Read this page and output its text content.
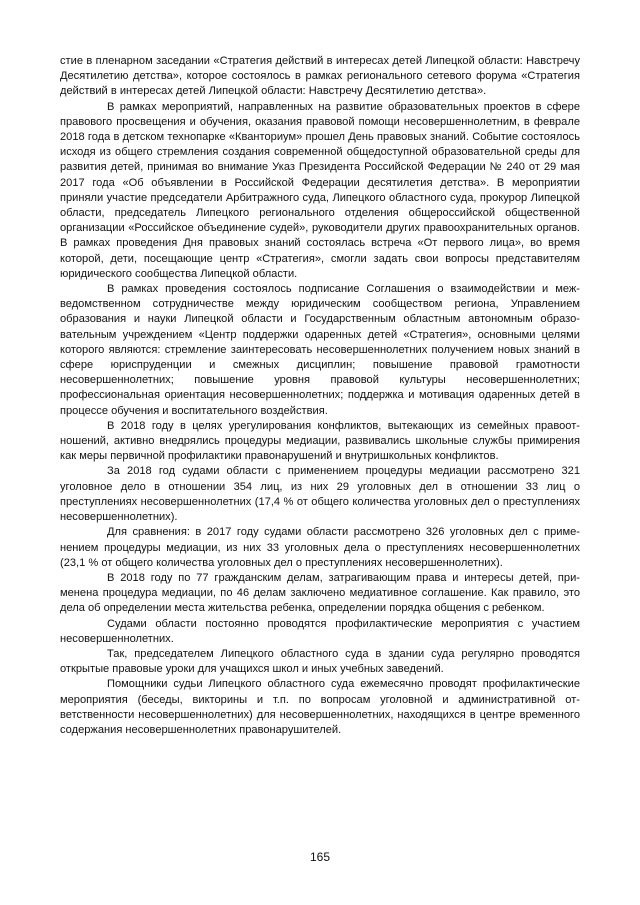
стие в пленарном заседании «Стратегия действий в интересах детей Липецкой области: Навстречу Десятилетию детства», которое состоялось в рамках регионального сетевого форума «Стратегия действий в интересах детей Липецкой области: Навстречу Десятилетию детства».

В рамках мероприятий, направленных на развитие образовательных проектов в сфере правового просвещения и обучения, оказания правовой помощи несовершеннолетним, в феврале 2018 года в детском технопарке «Кванториум» прошел День правовых знаний. Событие состоялось исходя из общего стремления создания современной общедоступной образовательной среды для развития детей, принимая во внимание Указ Президента Российской Федерации № 240 от 29 мая 2017 года «Об объявлении в Российской Федерации десятилетия детства». В мероприятии приняли участие председатели Арбитражного суда, Липецкого областного суда, прокурор Липецкой области, председатель Липецкого регионального отделения общероссийской общественной организации «Российское объединение судей», руководители других правоохранительных органов. В рамках проведения Дня правовых знаний состоялась встреча «От первого лица», во время которой, дети, посещающие центр «Стратегия», смогли задать свои вопросы представителям юридического сообщества Липецкой области.

В рамках проведения состоялось подписание Соглашения о взаимодействии и межведомственном сотрудничестве между юридическим сообществом региона, Управлением образования и науки Липецкой области и Государственным областным автономным образовательным учреждением «Центр поддержки одаренных детей «Стратегия», основными целями которого являются: стремление заинтересовать несовершеннолетних получением новых знаний в сфере юриспруденции и смежных дисциплин; повышение правовой грамотности несовершеннолетних; повышение уровня правовой культуры несовершеннолетних; профессиональная ориентация несовершеннолетних; поддержка и мотивация одаренных детей в процессе обучения и воспитательного воздействия.

В 2018 году в целях урегулирования конфликтов, вытекающих из семейных правоотношений, активно внедрялись процедуры медиации, развивались школьные службы примирения как меры первичной профилактики правонарушений и внутришкольных конфликтов.

За 2018 год судами области с применением процедуры медиации рассмотрено 321 уголовное дело в отношении 354 лиц, из них 29 уголовных дел в отношении 33 лиц о преступлениях несовершеннолетних (17,4 % от общего количества уголовных дел о преступлениях несовершеннолетних).

Для сравнения: в 2017 году судами области рассмотрено 326 уголовных дел с применением процедуры медиации, из них 33 уголовных дела о преступлениях несовершеннолетних (23,1 % от общего количества уголовных дел о преступлениях несовершеннолетних).

В 2018 году по 77 гражданским делам, затрагивающим права и интересы детей, применена процедура медиации, по 46 делам заключено медиативное соглашение. Как правило, это дела об определении места жительства ребенка, определении порядка общения с ребенком.

Судами области постоянно проводятся профилактические мероприятия с участием несовершеннолетних.

Так, председателем Липецкого областного суда в здании суда регулярно проводятся открытые правовые уроки для учащихся школ и иных учебных заведений.

Помощники судьи Липецкого областного суда ежемесячно проводят профилактические мероприятия (беседы, викторины и т.п. по вопросам уголовной и административной ответственности несовершеннолетних) для несовершеннолетних, находящихся в центре временного содержания несовершеннолетних правонарушителей.

165
